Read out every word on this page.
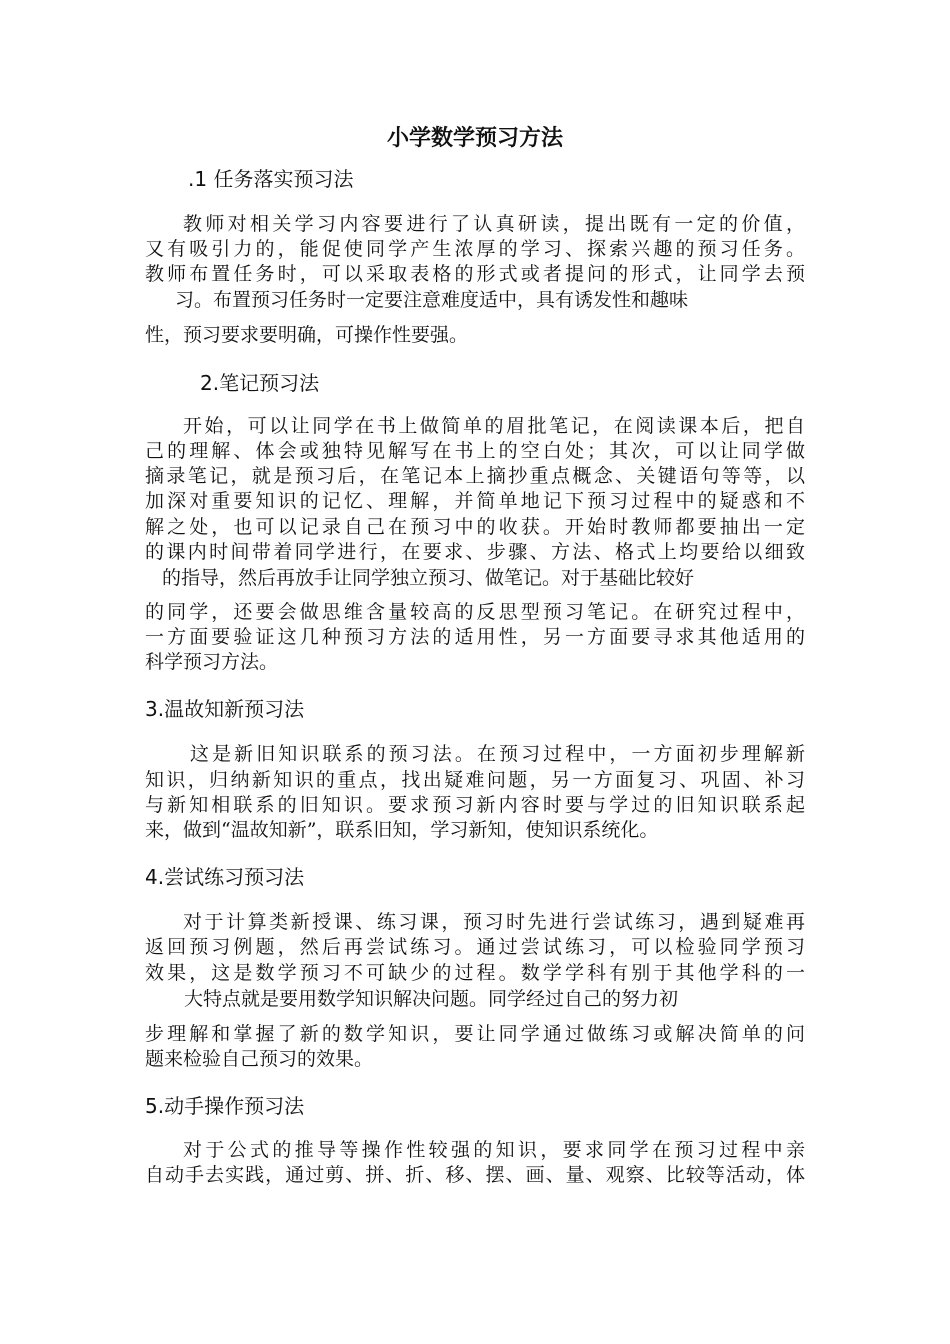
小学数学预习方法
.1 任务落实预习法
教师对相关学习内容要进行了认真研读，提出既有一定的价值，
又有吸引力的，能促使同学产生浓厚的学习、探索兴趣的预习任务。
教师布置任务时，可以采取表格的形式或者提问的形式，让同学去预
习。布置预习任务时一定要注意难度适中，具有诱发性和趣味
性，预习要求要明确，可操作性要强。
2.笔记预习法
开始，可以让同学在书上做简单的眉批笔记，在阅读课本后，把自
己的理解、体会或独特见解写在书上的空白处；其次，可以让同学做
摘录笔记，就是预习后，在笔记本上摘抄重点概念、关键语句等等，以
加深对重要知识的记忆、理解，并简单地记下预习过程中的疑惑和不
解之处，也可以记录自己在预习中的收获。开始时教师都要抽出一定
的课内时间带着同学进行，在要求、步骤、方法、格式上均要给以细致
的指导，然后再放手让同学独立预习、做笔记。对于基础比较好
的同学，还要会做思维含量较高的反思型预习笔记。在研究过程中，
一方面要验证这几种预习方法的适用性，另一方面要寻求其他适用的
科学预习方法。
3.温故知新预习法
这是新旧知识联系的预习法。在预习过程中，一方面初步理解新
知识，归纳新知识的重点，找出疑难问题，另一方面复习、巩固、补习
与新知相联系的旧知识。要求预习新内容时要与学过的旧知识联系起
来，做到“温故知新”，联系旧知，学习新知，使知识系统化。
4.尝试练习预习法
对于计算类新授课、练习课，预习时先进行尝试练习，遇到疑难再
返回预习例题，然后再尝试练习。通过尝试练习，可以检验同学预习
效果，这是数学预习不可缺少的过程。数学学科有别于其他学科的一
大特点就是要用数学知识解决问题。同学经过自己的努力初
步理解和掌握了新的数学知识，要让同学通过做练习或解决简单的问
题来检验自己预习的效果。
5.动手操作预习法
对于公式的推导等操作性较强的知识，要求同学在预习过程中亲
自动手去实践，通过剪、拼、折、移、摆、画、量、观察、比较等活动，体
